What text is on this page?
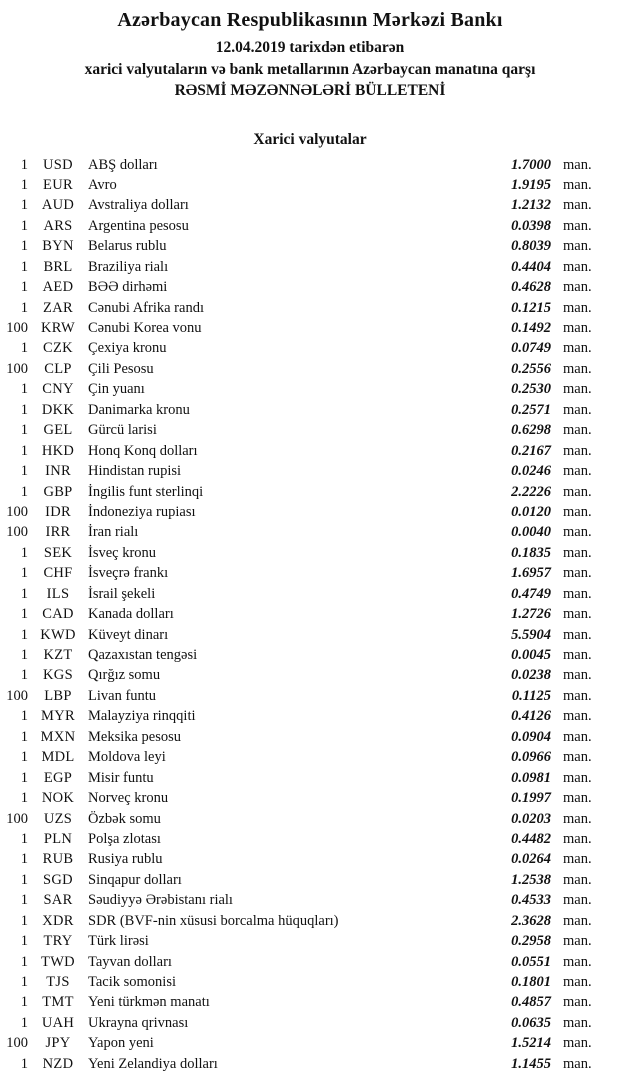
Azərbaycan Respublikasının Mərkəzi Bankı
12.04.2019 tarixdən etibarən
xarici valyutaların və bank metallarının Azərbaycan manatına qarşı
RƏSMİ MƏZƏNNƏLƏRİ BÜLLETENİ
Xarici valyutalar
1	USD	ABŞ dolları	1.7000 man.
1	EUR	Avro	1.9195 man.
1 AUD Avstraliya dolları	1.2132 man.
1	ARS	Argentina pesosu	0.0398 man.
1 BYN Belarus rublu	0.8039 man.
1	BRL	Braziliya rialı	0.4404 man.
1	AED	BƏƏ dirhəmi	0.4628 man.
1	ZAR	Cənubi Afrika randı	0.1215 man.
100 KRW Cənubi Korea vonu	0.1492 man.
1	CZK	Çexiya kronu	0.0749 man.
100	CLP	Çili Pesosu	0.2556 man.
1 CNY Çin yuanı	0.2530 man.
1 DKK Danimarka kronu	0.2571 man.
1	GEL	Gürcü larisi	0.6298 man.
1 HKD Honq Konq dolları	0.2167 man.
1	INR	Hindistan rupisi	0.0246 man.
1	GBP	İngilis funt sterlinqi	2.2226 man.
100	IDR	İndoneziya rupiası	0.0120 man.
100	IRR	İran rialı	0.0040 man.
1	SEK	İsveç kronu	0.1835 man.
1	CHF	İsveçrə frankı	1.6957 man.
1	ILS	İsrail şekeli	0.4749 man.
1 CAD Kanada dolları	1.2726 man.
1 KWD Küveyt dinarı	5.5904 man.
1	KZT	Qazaxıstan tengəsi	0.0045 man.
1	KGS	Qırğız somu	0.0238 man.
100	LBP	Livan funtu	0.1125 man.
1 MYR Malayziya rinqqiti	0.4126 man.
1 MXN Meksika pesosu	0.0904 man.
1 MDL Moldova leyi	0.0966 man.
1	EGP	Misir funtu	0.0981 man.
1 NOK Norveç kronu	0.1997 man.
100	UZS	Özbək somu	0.0203 man.
1	PLN	Polşa zlotası	0.4482 man.
1	RUB	Rusiya rublu	0.0264 man.
1	SGD	Sinqapur dolları	1.2538 man.
1	SAR	Səudiyyə Ərəbistanı rialı	0.4533 man.
1 XDR SDR (BVF-nin xüsusi borcalma hüquqları)	2.3628 man.
1	TRY	Türk lirəsi	0.2958 man.
1 TWD Tayvan dolları	0.0551 man.
1	TJS	Tacik somonisi	0.1801 man.
1 TMT Yeni türkmən manatı	0.4857 man.
1 UAH Ukrayna qrivnası	0.0635 man.
100	JPY	Yapon yeni	1.5214 man.
1	NZD	Yeni Zelandiya dolları	1.1455 man.
